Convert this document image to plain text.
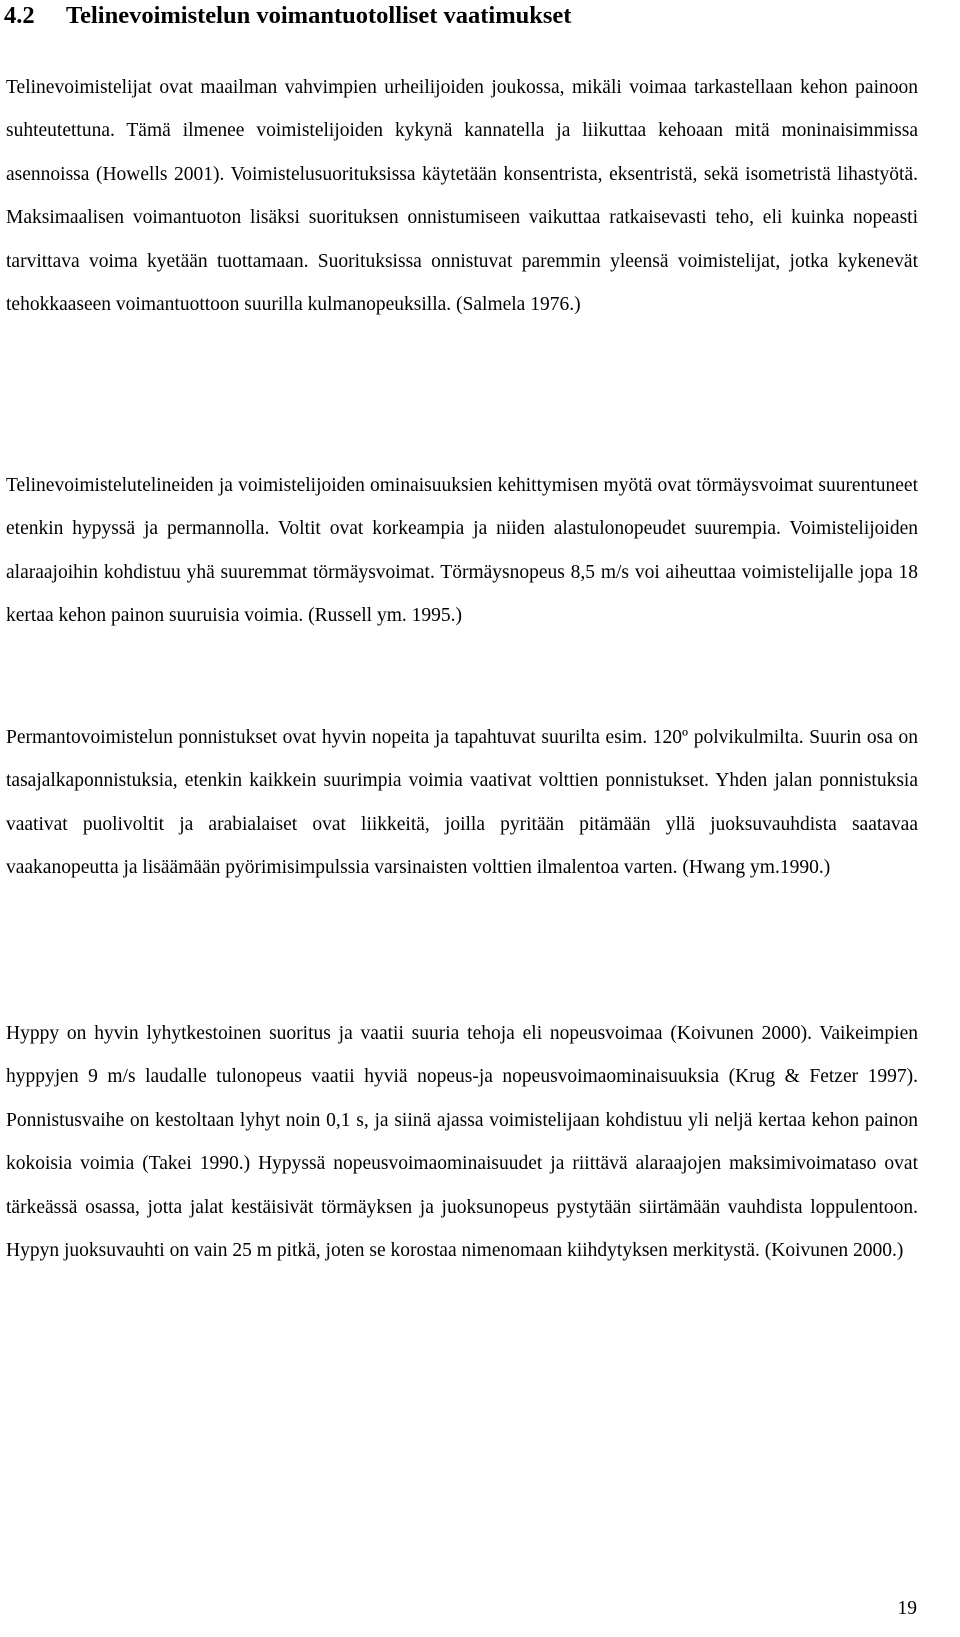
4.2 Telinevoimistelun voimantuotolliset vaatimukset

Telinevoimistelijat ovat maailman vahvimpien urheilijoiden joukossa, mikäli voimaa tarkastellaan kehon painoon suhteutettuna. Tämä ilmenee voimistelijoiden kykynä kannatella ja liikuttaa kehoaan mitä moninaisimmissa asennoissa (Howells 2001). Voimistelusuorituksissa käytetään konsentrista, eksentristä, sekä isometristä lihastyötä. Maksimaalisen voimantuoton lisäksi suorituksen onnistumiseen vaikuttaa ratkaisevasti teho, eli kuinka nopeasti tarvittava voima kyetään tuottamaan. Suorituksissa onnistuvat paremmin yleensä voimistelijat, jotka kykenevät tehokkaaseen voimantuottoon suurilla kulmanopeuksilla. (Salmela 1976.)

Telinevoimistelutelineiden ja voimistelijoiden ominaisuuksien kehittymisen myötä ovat törmäysvoimat suurentuneet etenkin hypyssä ja permannolla. Voltit ovat korkeampia ja niiden alastulonopeudet suurempia. Voimistelijoiden alaraajoihin kohdistuu yhä suuremmat törmäysvoimat. Törmäysnopeus 8,5 m/s voi aiheuttaa voimistelijalle jopa 18 kertaa kehon painon suuruisia voimia. (Russell ym. 1995.)

Permantovoimistelun ponnistukset ovat hyvin nopeita ja tapahtuvat suurilta esim. 120º polvikulmilta. Suurin osa on tasajalkaponnistuksia, etenkin kaikkein suurimpia voimia vaativat volttien ponnistukset. Yhden jalan ponnistuksia vaativat puolivoltit ja arabialaiset ovat liikkeitä, joilla pyritään pitämään yllä juoksuvauhdista saatavaa vaakanopeutta ja lisäämään pyörimisimpulssia varsinaisten volttien ilmalentoa varten. (Hwang ym.1990.)

Hyppy on hyvin lyhytkestoinen suoritus ja vaatii suuria tehoja eli nopeusvoimaa (Koivunen 2000). Vaikeimpien hyppyjen 9 m/s laudalle tulonopeus vaatii hyviä nopeus-ja nopeusvoimaominaisuuksia (Krug & Fetzer 1997). Ponnistusvaihe on kestoltaan lyhyt noin 0,1 s, ja siinä ajassa voimistelijaan kohdistuu yli neljä kertaa kehon painon kokoisia voimia (Takei 1990.) Hypyssä nopeusvoimaominaisuudet ja riittävä alaraajojen maksimivoimataso ovat tärkeässä osassa, jotta jalat kestäisivät törmäyksen ja juoksunopeus pystytään siirtämään vauhdista loppulentoon. Hypyn juoksuvauhti on vain 25 m pitkä, joten se korostaa nimenomaan kiihdytyksen merkitystä. (Koivunen 2000.)

19
